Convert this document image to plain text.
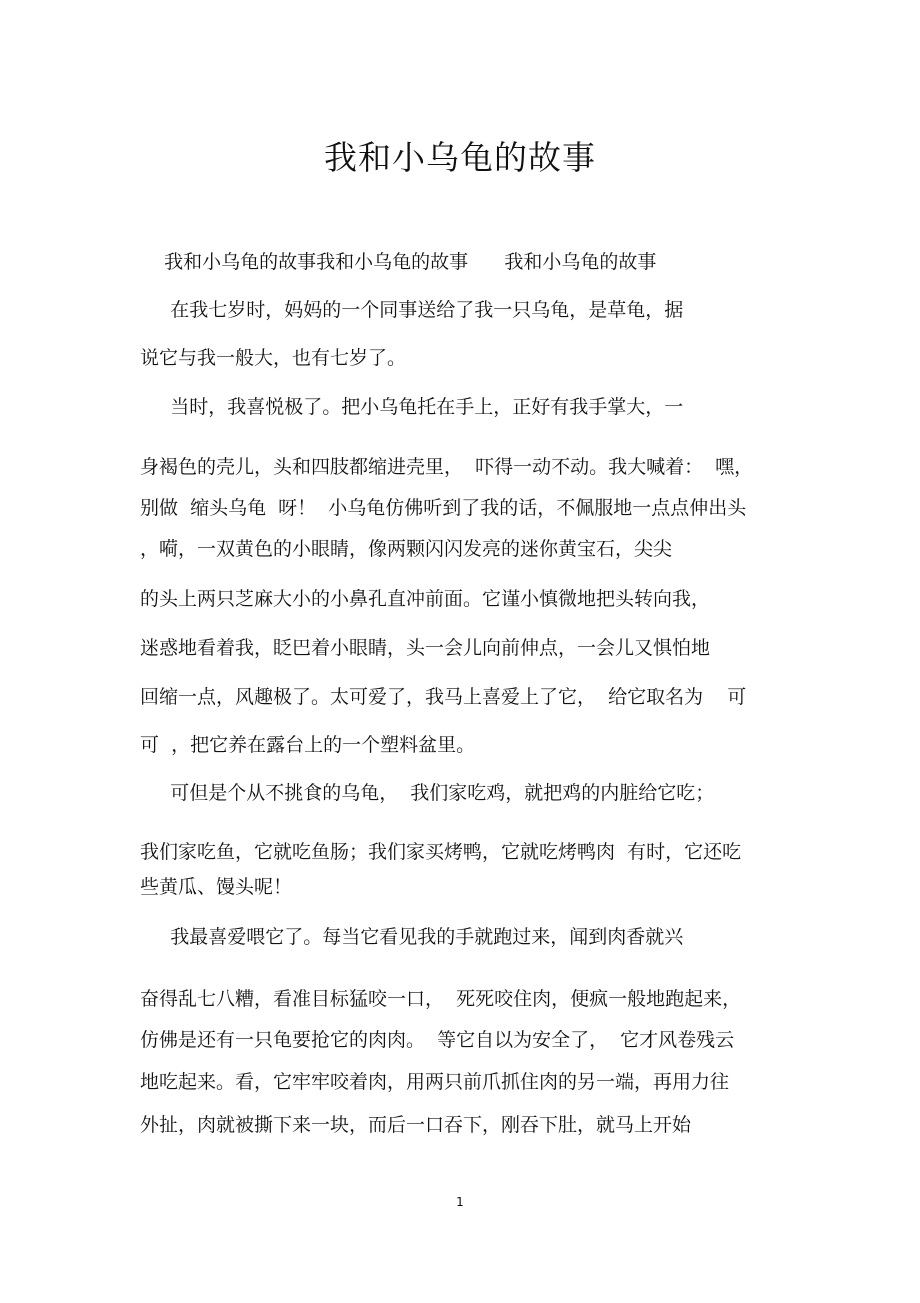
我和小乌龟的故事
我和小乌龟的故事我和小乌龟的故事      我和小乌龟的故事
在我七岁时，妈妈的一个同事送给了我一只乌龟，是草龟，据
说它与我一般大，也有七岁了。
当时，我喜悦极了。把小乌龟托在手上，正好有我手掌大，一
身褐色的壳儿，头和四肢都缩进壳里，  吓得一动不动。我大喊着：  嘿，
别做  缩头乌龟  呀！  小乌龟仿佛听到了我的话，不佩服地一点点伸出头
，嗬，一双黄色的小眼睛，像两颗闪闪发亮的迷你黄宝石，尖尖
的头上两只芝麻大小的小鼻孔直冲前面。它谨小慎微地把头转向我，
迷惑地看着我，眨巴着小眼睛，头一会儿向前伸点，一会儿又惧怕地
回缩一点，风趣极了。太可爱了，我马上喜爱上了它，  给它取名为    可
可  ，把它养在露台上的一个塑料盆里。
可但是个从不挑食的乌龟，  我们家吃鸡，就把鸡的内脏给它吃；
我们家吃鱼，它就吃鱼肠；我们家买烤鸭，它就吃烤鸭肉  有时，它还吃
些黄瓜、馒头呢！
我最喜爱喂它了。每当它看见我的手就跑过来，闻到肉香就兴
奋得乱七八糟，看准目标猛咬一口，  死死咬住肉，便疯一般地跑起来，
仿佛是还有一只龟要抢它的肉肉。  等它自以为安全了，  它才风卷残云
地吃起来。看，它牢牢咬着肉，用两只前爪抓住肉的另一端，再用力往
外扯，肉就被撕下来一块，而后一口吞下，刚吞下肚，就马上开始
1
